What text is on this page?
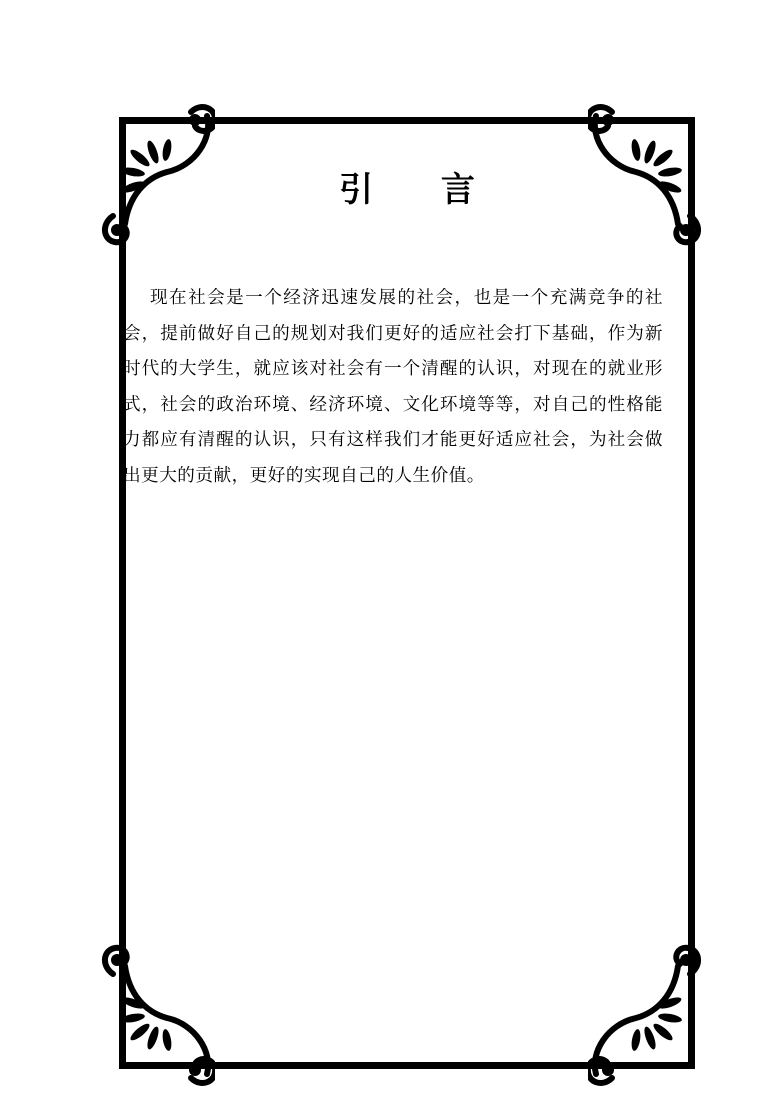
引 言

现在社会是一个经济迅速发展的社会，也是一个充满竞争的社会，提前做好自己的规划对我们更好的适应社会打下基础，作为新时代的大学生，就应该对社会有一个清醒的认识，对现在的就业形式，社会的政治环境、经济环境、文化环境等等，对自己的性格能力都应有清醒的认识，只有这样我们才能更好适应社会，为社会做出更大的贡献，更好的实现自己的人生价值。
